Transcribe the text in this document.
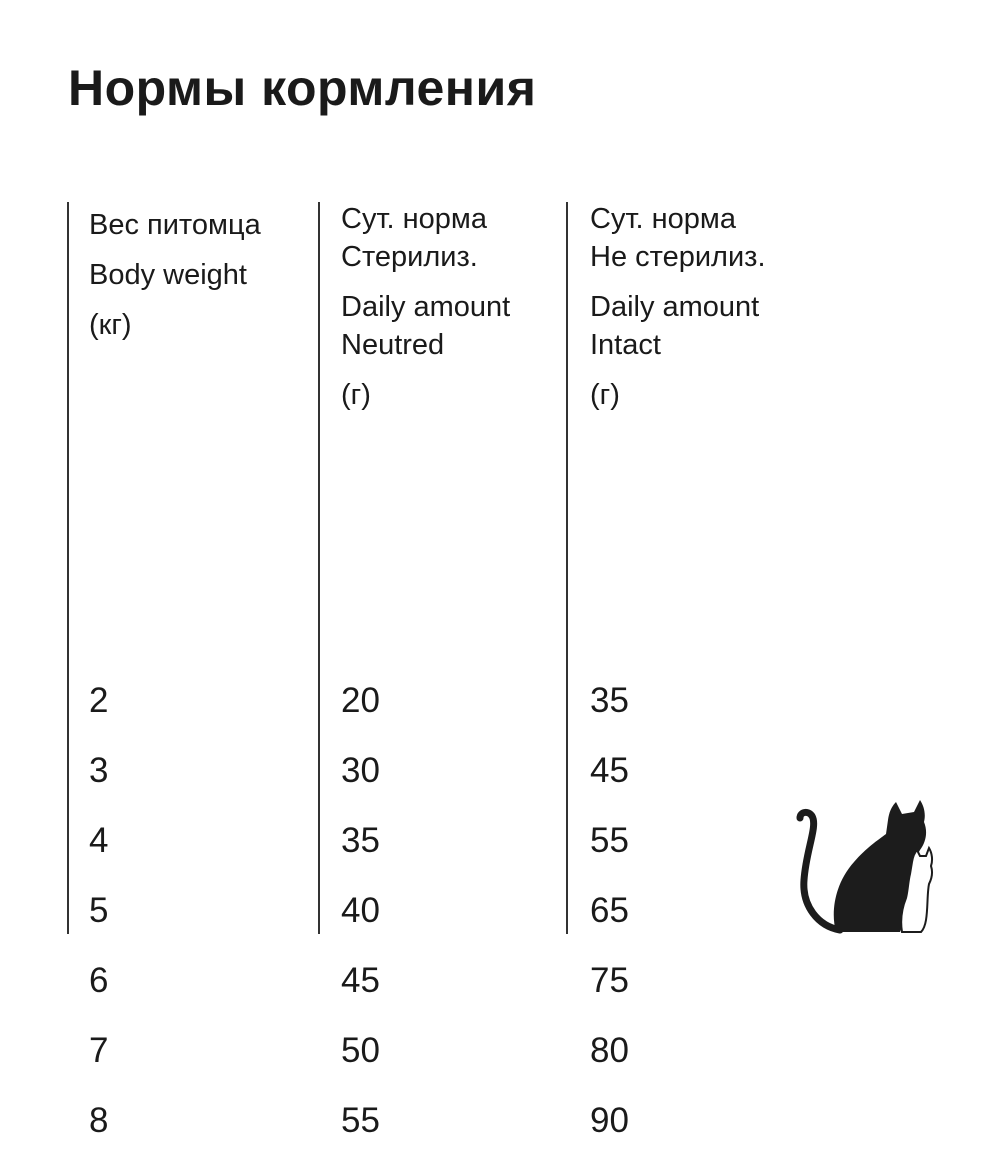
Нормы кормления
Вес питомца
Body weight
(кг)
2
3
4
5
6
7
8
Сут. норма
Стерилиз.
Daily amount
Neutred
(г)
20
30
35
40
45
50
55
Сут. норма
Не стерилиз.
Daily amount
Intact
(г)
35
45
55
65
75
80
90
